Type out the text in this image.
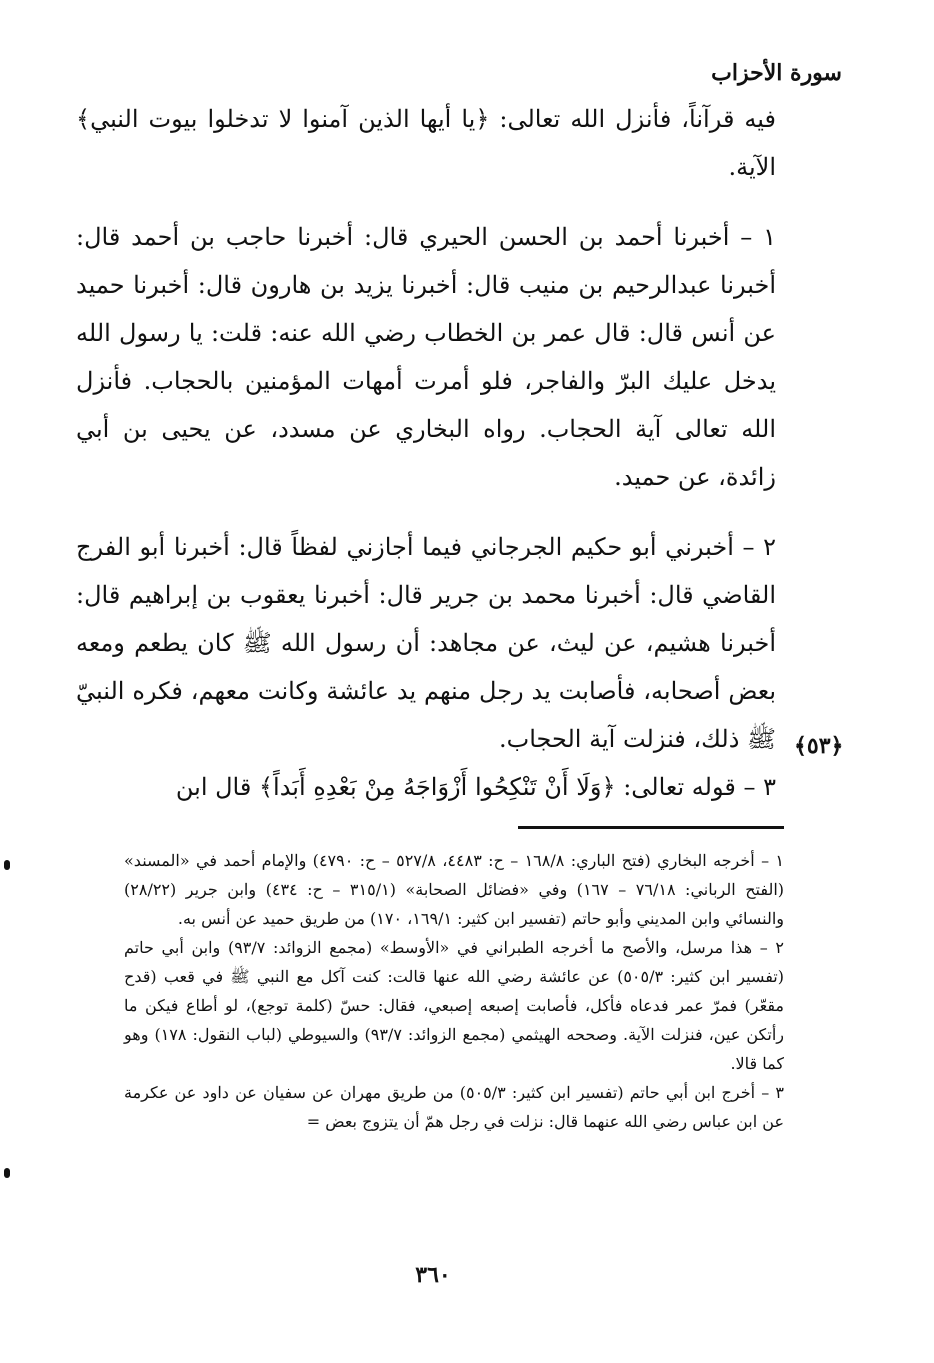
سورة الأحزاب

فيه قرآناً، فأنزل الله تعالى: ﴿يا أيها الذين آمنوا لا تدخلوا بيوت النبي﴾ الآية.

١ – أخبرنا أحمد بن الحسن الحيري قال: أخبرنا حاجب بن أحمد قال: أخبرنا عبدالرحيم بن منيب قال: أخبرنا يزيد بن هارون قال: أخبرنا حميد عن أنس قال: قال عمر بن الخطاب رضي الله عنه: قلت: يا رسول الله يدخل عليك البرّ والفاجر، فلو أمرت أمهات المؤمنين بالحجاب. فأنزل الله تعالى آية الحجاب. رواه البخاري عن مسدد، عن يحيى بن أبي زائدة، عن حميد.

٢ – أخبرني أبو حكيم الجرجاني فيما أجازني لفظاً قال: أخبرنا أبو الفرج القاضي قال: أخبرنا محمد بن جرير قال: أخبرنا يعقوب بن إبراهيم قال: أخبرنا هشيم، عن ليث، عن مجاهد: أن رسول الله ﷺ كان يطعم ومعه بعض أصحابه، فأصابت يد رجل منهم يد عائشة وكانت معهم، فكره النبيّ ﷺ ذلك، فنزلت آية الحجاب.

٣ – قوله تعالى: ﴿وَلَا أَنْ تَنْكِحُوا أَزْوَاجَهُ مِنْ بَعْدِهِ أَبَداً﴾ قال ابن

﴿٥٣﴾

١ – أخرجه البخاري (فتح الباري: ١٦٨/٨ – ح: ٤٤٨٣، ٥٢٧/٨ – ح: ٤٧٩٠) والإمام أحمد في «المسند» (الفتح الرباني: ٧٦/١٨ – ١٦٧) وفي «فضائل الصحابة» (٣١٥/١ – ح: ٤٣٤) وابن جرير (٢٨/٢٢) والنسائي وابن المديني وأبو حاتم (تفسير ابن كثير: ١٦٩/١، ١٧٠) من طريق حميد عن أنس به.

٢ – هذا مرسل، والأصح ما أخرجه الطبراني في «الأوسط» (مجمع الزوائد: ٩٣/٧) وابن أبي حاتم (تفسير ابن كثير: ٥٠٥/٣) عن عائشة رضي الله عنها قالت: كنت آكل مع النبي ﷺ في قعب (قدح مقعّر) فمرّ عمر فدعاه فأكل، فأصابت إصبعه إصبعي، فقال: حسّ (كلمة توجع)، لو أطاع فيكن ما رأتكن عين، فنزلت الآية. وصححه الهيثمي (مجمع الزوائد: ٩٣/٧) والسيوطي (لباب النقول: ١٧٨) وهو كما قالا.

٣ – أخرج ابن أبي حاتم (تفسير ابن كثير: ٥٠٥/٣) من طريق مهران عن سفيان عن داود عن عكرمة عن ابن عباس رضي الله عنهما قال: نزلت في رجل همّ أن يتزوج بعض =

٣٦٠
